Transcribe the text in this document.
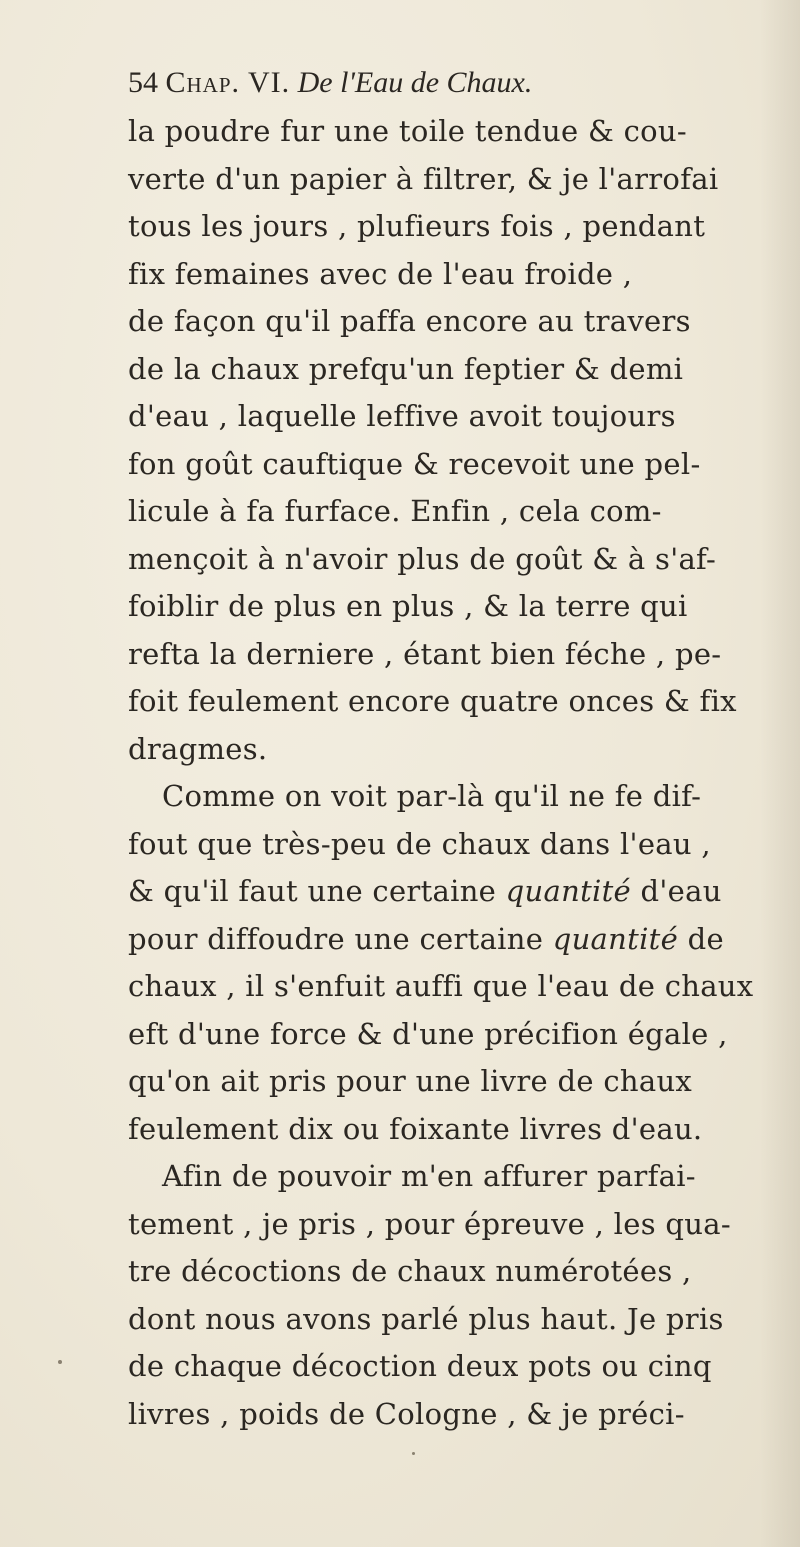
54 Chap. VI. De l'Eau de Chaux.
la poudre fur une toile tendue & cou-
verte d'un papier à filtrer, & je l'arrofai
tous les jours , plufieurs fois , pendant
fix femaines avec de l'eau froide ,
de façon qu'il paffa encore au travers
de la chaux prefqu'un feptier & demi
d'eau , laquelle leffive avoit toujours
fon goût cauftique & recevoit une pel-
licule à fa furface. Enfin , cela com-
mençoit à n'avoir plus de goût & à s'af-
foiblir de plus en plus , & la terre qui
refta la derniere , étant bien féche , pe-
foit feulement encore quatre onces & fix
dragmes.
Comme on voit par-là qu'il ne fe dif-
fout que très-peu de chaux dans l'eau ,
& qu'il faut une certaine quantité d'eau
pour diffoudre une certaine quantité de
chaux , il s'enfuit auffi que l'eau de chaux
eft d'une force & d'une précifion égale ,
qu'on ait pris pour une livre de chaux
feulement dix ou foixante livres d'eau.
Afin de pouvoir m'en affurer parfai-
tement , je pris , pour épreuve , les qua-
tre décoctions de chaux numérotées ,
dont nous avons parlé plus haut. Je pris
de chaque décoction deux pots ou cinq
livres , poids de Cologne , & je préci-
